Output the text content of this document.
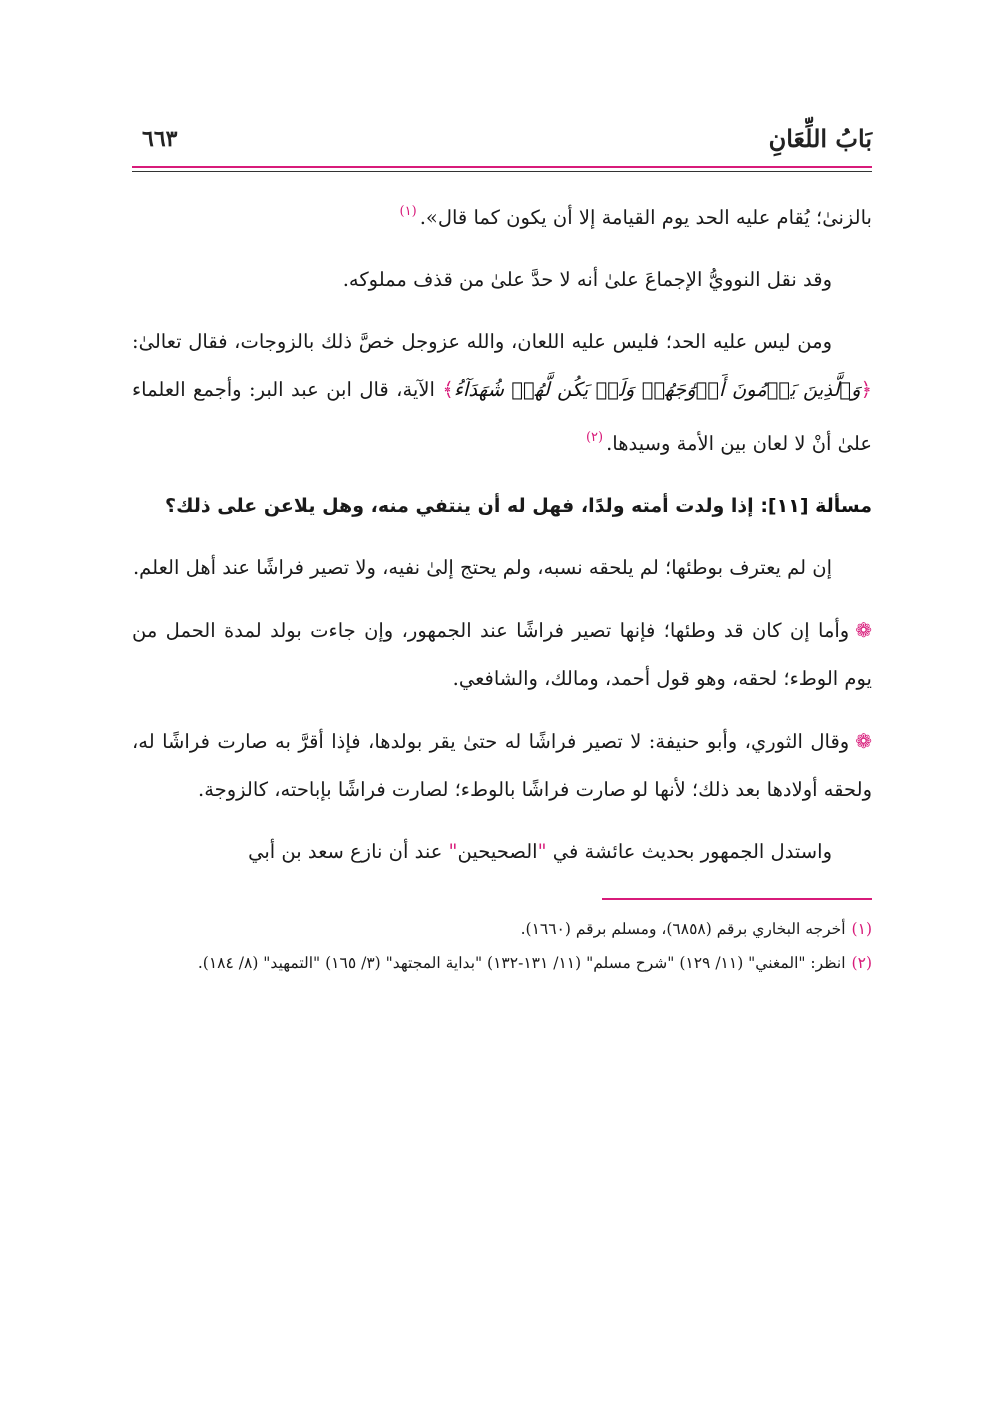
بَابُ اللِّعَانِ
٦٦٣

بالزنىٰ؛ يُقام عليه الحد يوم القيامة إلا أن يكون كما قال».$^{(١)}$

وقد نقل النوويُّ الإجماعَ علىٰ أنه لا حدَّ علىٰ من قذف مملوكه.

ومن ليس عليه الحد؛ فليس عليه اللعان، والله عزوجل خصَّ ذلك بالزوجات، فقال تعالىٰ: ﴿وَٱلَّذِينَ يَرۡمُونَ أَزۡوَٰجَهُمۡ وَلَمۡ يَكُن لَّهُمۡ شُهَدَآءُ﴾ الآية، قال ابن عبد البر: وأجمع العلماء علىٰ أنْ لا لعان بين الأمة وسيدها.$^{(٢)}$

مسألة [١١]: إذا ولدت أمته ولدًا، فهل له أن ينتفي منه، وهل يلاعن على ذلك؟

إن لم يعترف بوطئها؛ لم يلحقه نسبه، ولم يحتج إلىٰ نفيه، ولا تصير فراشًا عند أهل العلم.

❁وأما إن كان قد وطئها؛ فإنها تصير فراشًا عند الجمهور، وإن جاءت بولد لمدة الحمل من يوم الوطء؛ لحقه، وهو قول أحمد، ومالك، والشافعي.

❁وقال الثوري، وأبو حنيفة: لا تصير فراشًا له حتىٰ يقر بولدها، فإذا أقرَّ به صارت فراشًا له، ولحقه أولادها بعد ذلك؛ لأنها لو صارت فراشًا بالوطء؛ لصارت فراشًا بإباحته، كالزوجة.

واستدل الجمهور بحديث عائشة في "الصحيحين" عند أن نازع سعد بن أبي

(١)أخرجه البخاري برقم (٦٨٥٨)، ومسلم برقم (١٦٦٠).

(٢)انظر: "المغني" (١١/ ١٢٩) "شرح مسلم" (١١/ ١٣١-١٣٢) "بداية المجتهد" (٣/ ١٦٥) "التمهيد" (٨/ ١٨٤).
